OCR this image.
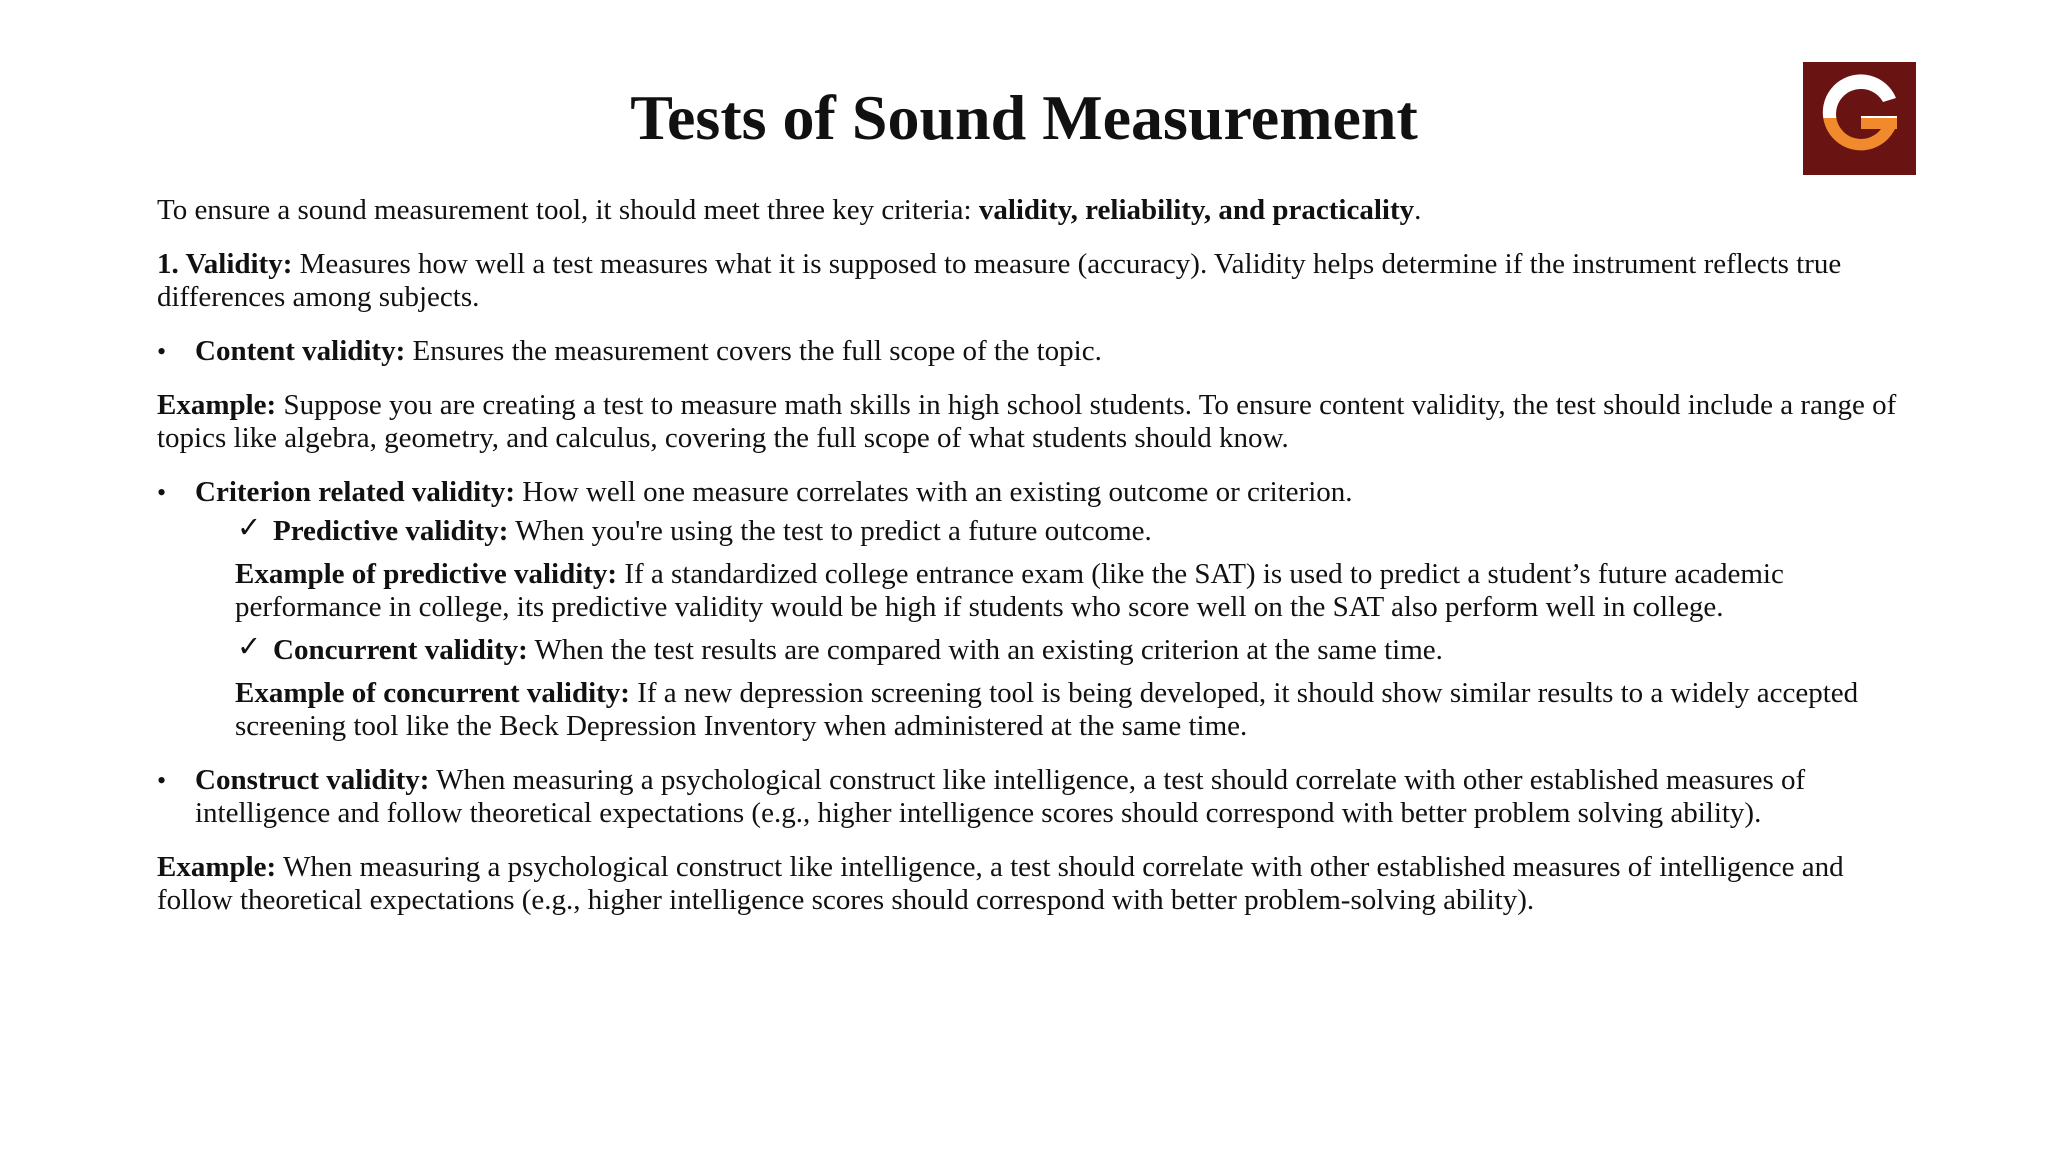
Tests of Sound Measurement

To ensure a sound measurement tool, it should meet three key criteria: validity, reliability, and practicality.

1. Validity: Measures how well a test measures what it is supposed to measure (accuracy). Validity helps determine if the instrument reflects true differences among subjects.

• Content validity: Ensures the measurement covers the full scope of the topic.

Example: Suppose you are creating a test to measure math skills in high school students. To ensure content validity, the test should include a range of topics like algebra, geometry, and calculus, covering the full scope of what students should know.

• Criterion related validity: How well one measure correlates with an existing outcome or criterion.
✓ Predictive validity: When you're using the test to predict a future outcome.

Example of predictive validity: If a standardized college entrance exam (like the SAT) is used to predict a student’s future academic performance in college, its predictive validity would be high if students who score well on the SAT also perform well in college.

✓ Concurrent validity: When the test results are compared with an existing criterion at the same time.

Example of concurrent validity: If a new depression screening tool is being developed, it should show similar results to a widely accepted screening tool like the Beck Depression Inventory when administered at the same time.

• Construct validity: When measuring a psychological construct like intelligence, a test should correlate with other established measures of intelligence and follow theoretical expectations (e.g., higher intelligence scores should correspond with better problem solving ability).

Example: When measuring a psychological construct like intelligence, a test should correlate with other established measures of intelligence and follow theoretical expectations (e.g., higher intelligence scores should correspond with better problem-solving ability).
